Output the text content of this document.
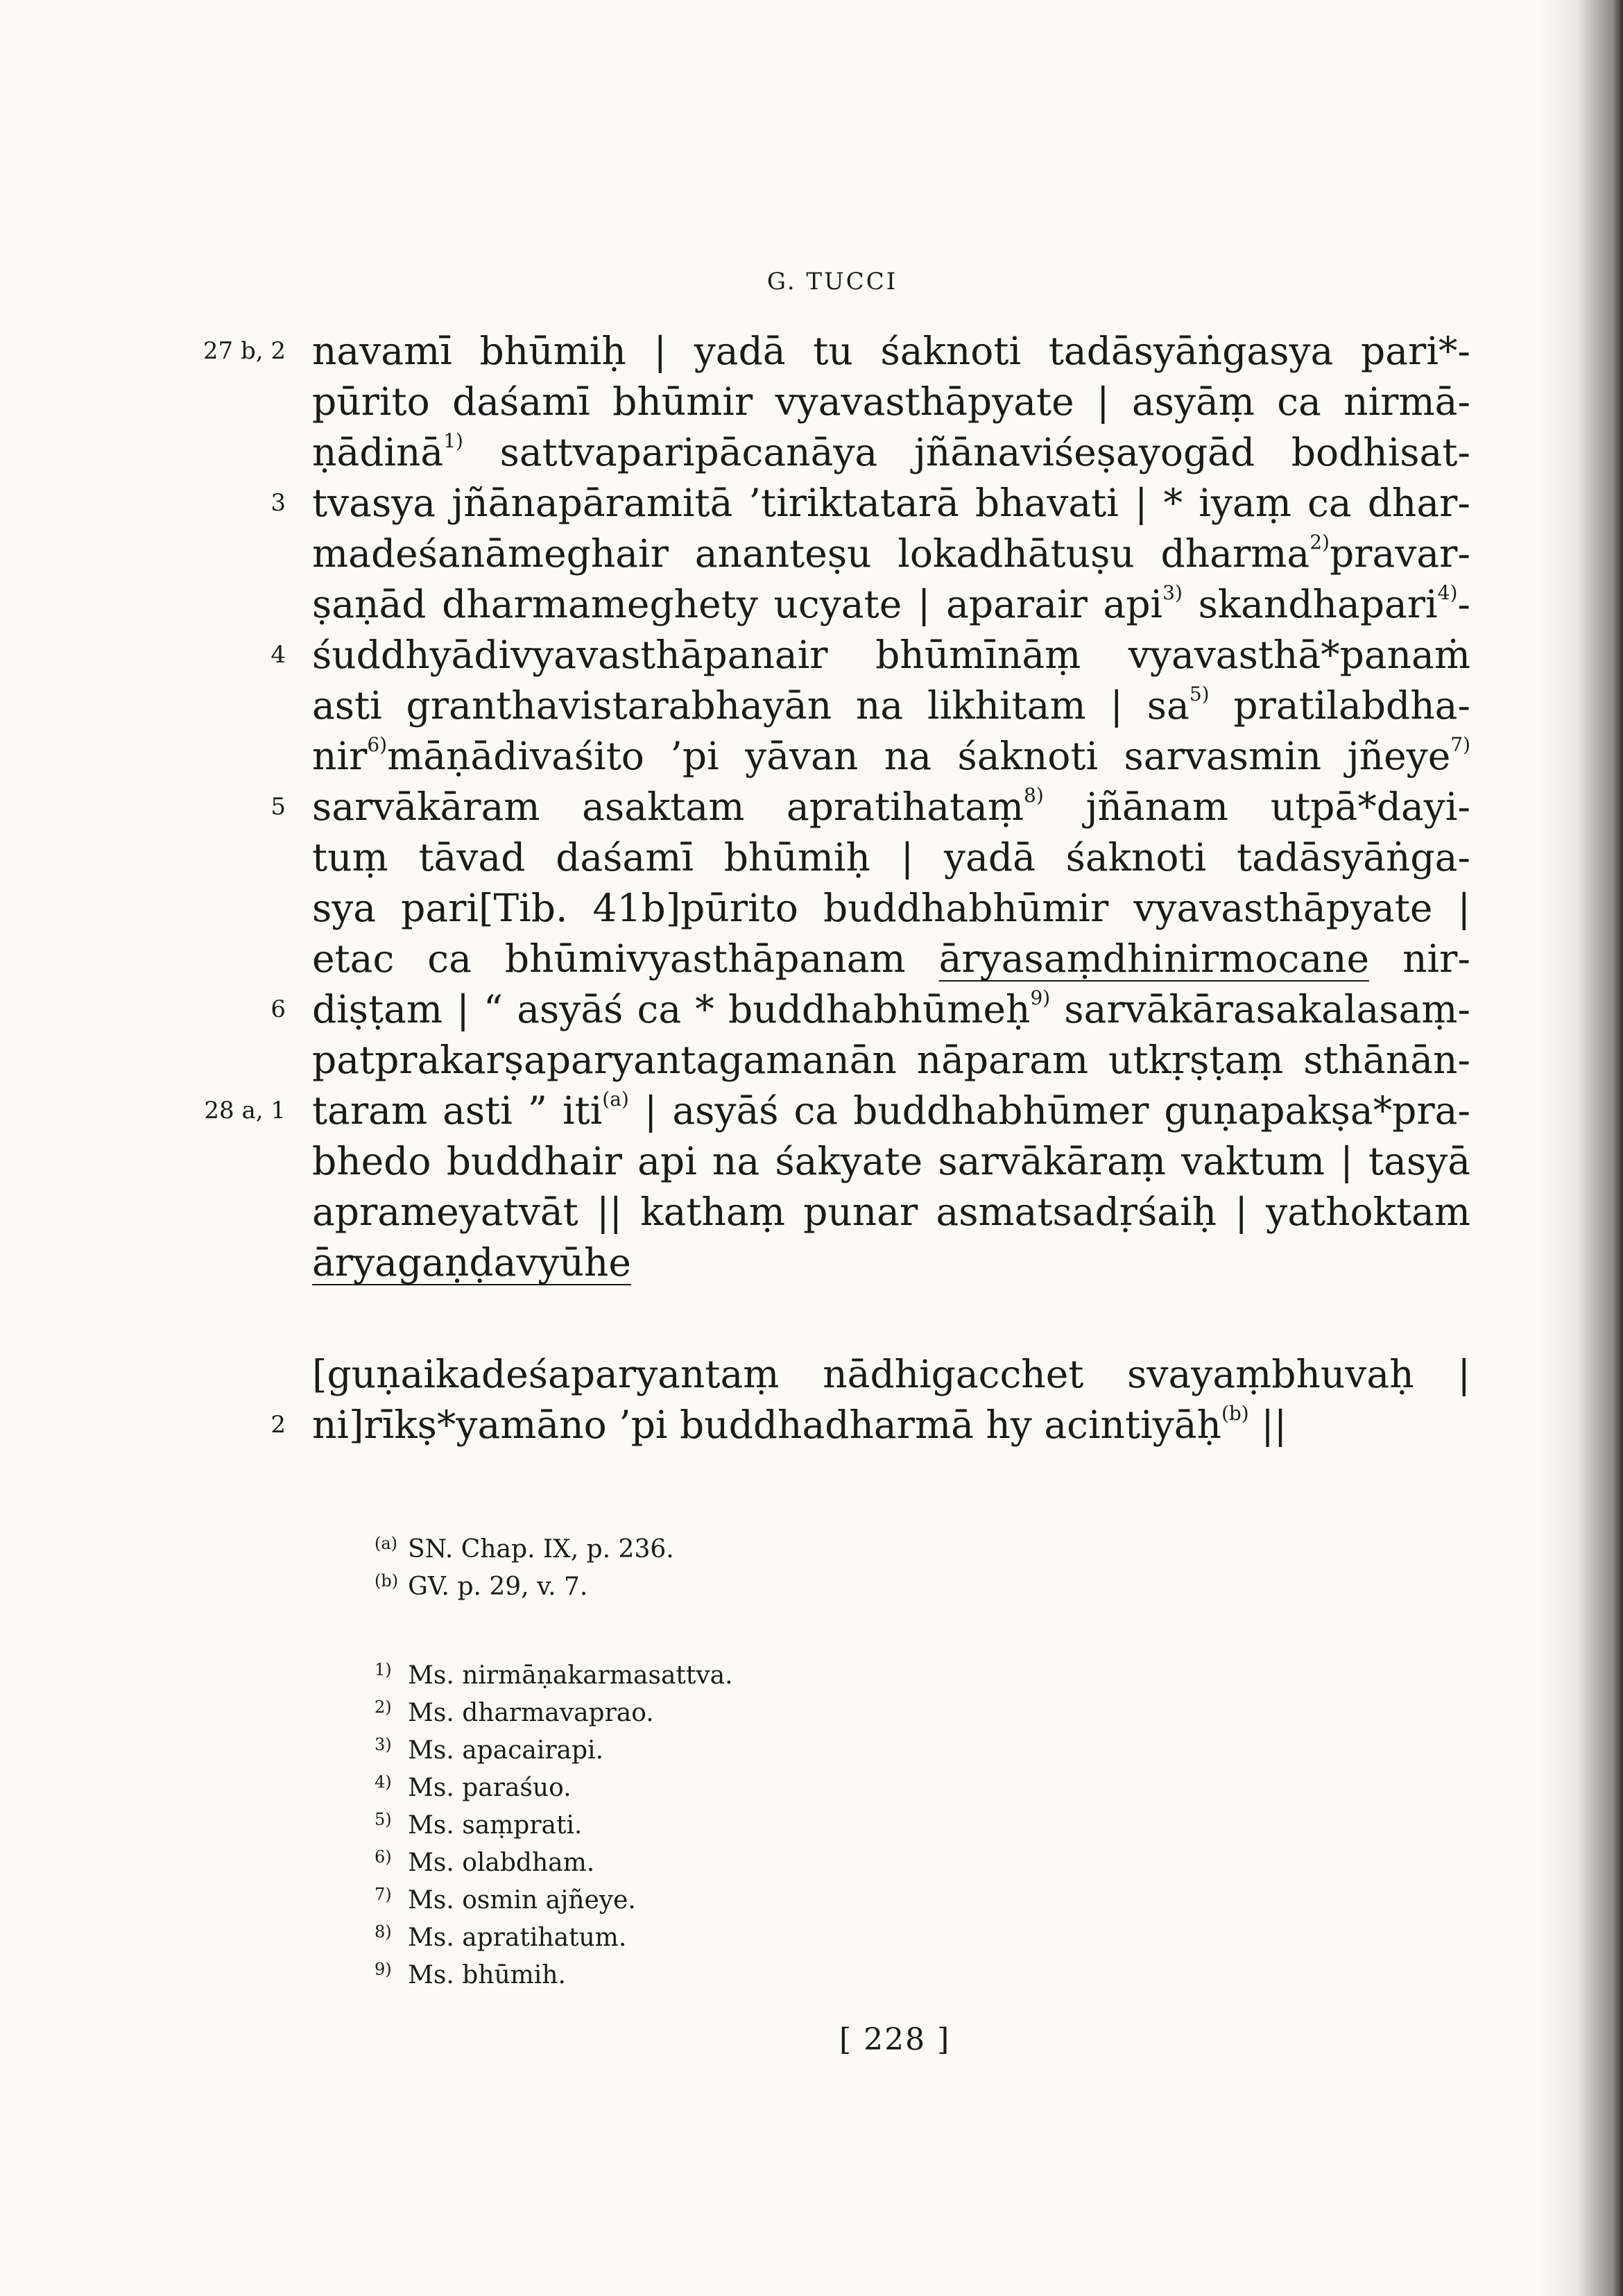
G. TUCCI
27 b, 2 navamī bhūmiḥ | yadā tu śaknoti tadāsyāṅgasya pari*-
pūrito daśamī bhūmir vyavasthāpyate | asyāṃ ca nirmā-
ṇādinā$^{1)}$ sattvaparipācanāya jñānaviśeṣayogād bodhisat-
3 tvasya jñānapāramitā ’tiriktatarā bhavati | * iyaṃ ca dhar-
madeśanāmeghair ananteṣu lokadhātuṣu dharma$^{2)}$pravar-
ṣaṇād dharmameghety ucyate | aparair api$^{3)}$ skandhapari$^{4)}$-
4 śuddhyādivyavasthāpanair bhūmīnāṃ vyavasthā*panaṁ
asti granthavistarabhayān na likhitam | $sa^{5)}$ pratilabdha-
nir$^{6)}$māṇādivaśito ’pi yāvan na śaknoti sarvasmin jñeye$^{7)}$
5 sarvākāram asaktam apratihataṃ$^{8)}$ jñānam utpā*dayi-
tuṃ tāvad daśamī bhūmiḥ | yadā śaknoti tadāsyāṅga-
sya pari[Tib. 41b]pūrito buddhabhūmir vyavasthāpyate |
etac ca bhūmivyasthāpanam āryasaṃdhinirmocane nir-
6 diṣṭam | “ asyāś ca * buddhabhūmeḥ$^{9)}$ sarvākārasakalasaṃ-
patprakarṣaparyantagamanān nāparam utkṛṣṭaṃ sthānān-
28 a, 1 taram asti ” iti$^{(a)}$ | asyāś ca buddhabhūmer guṇapakṣa*pra-
bhedo buddhair api na śakyate sarvākāraṃ vaktum | tasyā
aprameyatvāt || kathaṃ punar asmatsadṛśaiḥ | yathoktam
āryagaṇḍavyūhe
[guṇaikadeśaparyantaṃ nādhigacchet svayaṃbhuvaḥ |
2 ni]rīkṣ*yamāno ’pi buddhadharmā hy acintiyāḥ$^{(b)}$ ||
(a) SN. Chap. IX, p. 236.
(b) GV. p. 29, v. 7.
1) Ms. nirmāṇakarmasattva.
2) Ms. dharmavaprao.
3) Ms. apacairapi.
4) Ms. paraśuo.
5) Ms. saṃprati.
6) Ms. olabdham.
7) Ms. osmin ajñeye.
8) Ms. apratihatum.
9) Ms. bhūmih.
[ 228 ]
